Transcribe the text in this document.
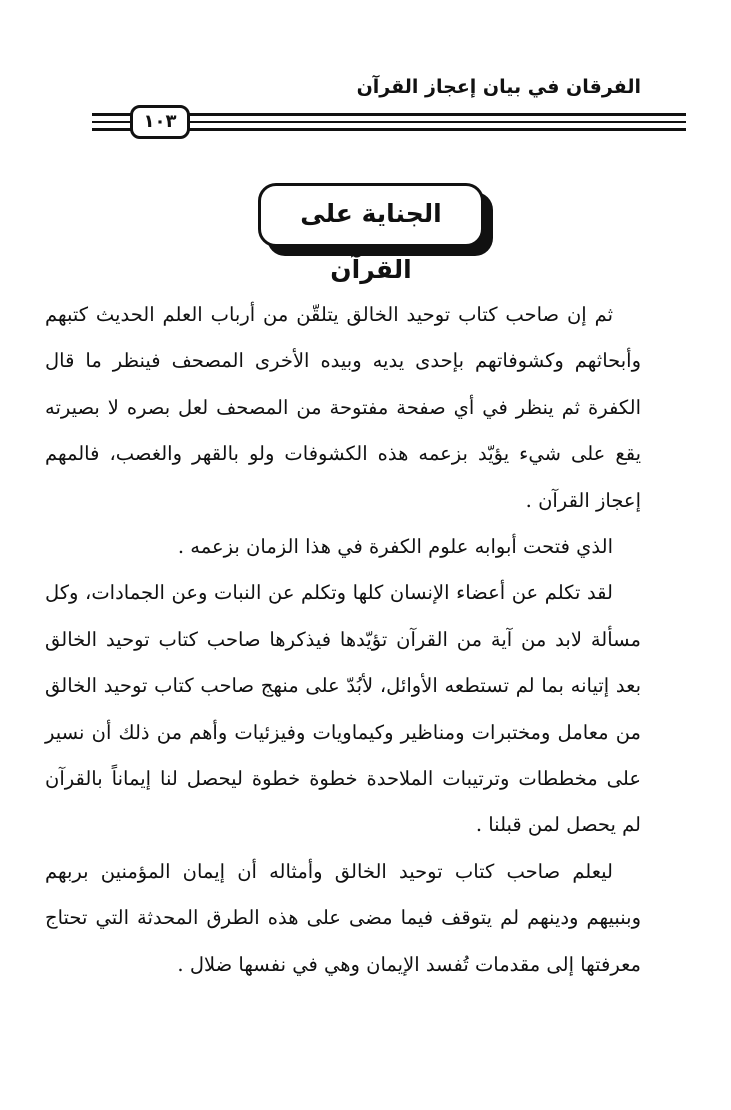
الفرقان في بيان إعجاز القرآن
١٠٣
الجناية على القرآن

ثم إن صاحب كتاب توحيد الخالق يتلقّن من أرباب العلم الحديث كتبهم وأبحاثهم وكشوفاتهم بإحدى يديه وبيده الأخرى المصحف فينظر ما قال الكفرة ثم ينظر في أي صفحة مفتوحة من المصحف لعل بصره لا بصيرته يقع على شيء يؤيّد بزعمه هذه الكشوفات ولو بالقهر والغصب، فالمهم إعجاز القرآن .

الذي فتحت أبوابه علوم الكفرة في هذا الزمان بزعمه .

لقد تكلم عن أعضاء الإنسان كلها وتكلم عن النبات وعن الجمادات، وكل مسألة لابد من آية من القرآن تؤيّدها فيذكرها صاحب كتاب توحيد الخالق بعد إتيانه بما لم تستطعه الأوائل، لأبُدّ على منهج صاحب كتاب توحيد الخالق من معامل ومختبرات ومناظير وكيماويات وفيزئيات وأهم من ذلك أن نسير على مخططات وترتيبات الملاحدة خطوة خطوة ليحصل لنا إيماناً بالقرآن لم يحصل لمن قبلنا .

ليعلم صاحب كتاب توحيد الخالق وأمثاله أن إيمان المؤمنين بربهم وبنبيهم ودينهم لم يتوقف فيما مضى على هذه الطرق المحدثة التي تحتاج معرفتها إلى مقدمات تُفسد الإيمان وهي في نفسها ضلال .
